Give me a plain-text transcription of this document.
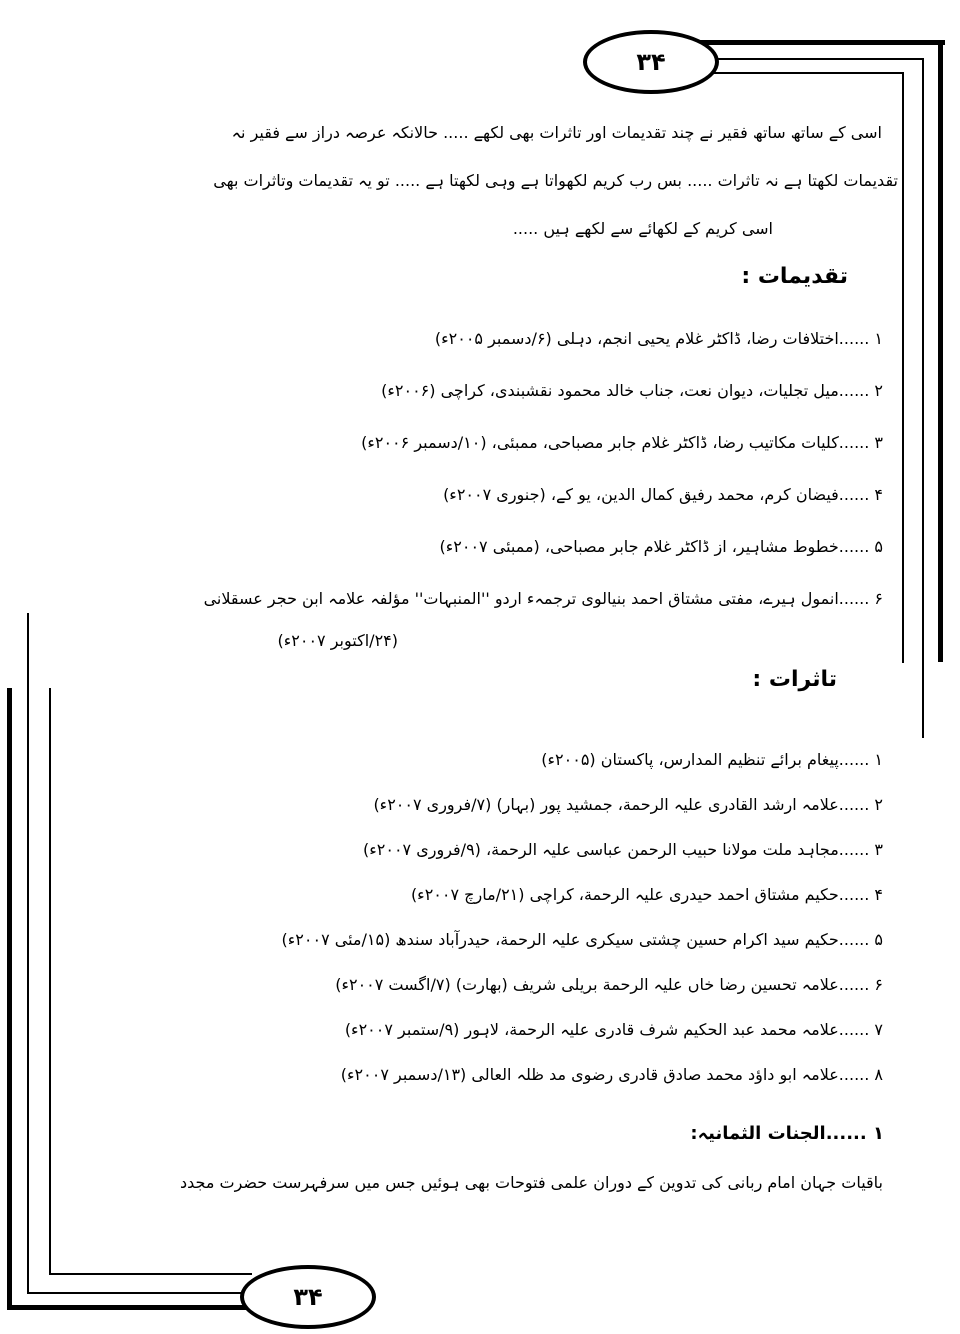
۳۴
۳۴
اسی کے ساتھ ساتھ فقیر نے چند تقدیمات اور تاثرات بھی لکھے ..... حالانکہ عرصہ دراز سے فقیر نہ
تقدیمات لکھتا ہے نہ تاثرات ..... بس رب کریم لکھواتا ہے وہی لکھتا ہے ..... تو یہ تقدیمات وتاثرات بھی
اسی کریم کے لکھائے سے لکھے ہیں .....
تقدیمات :
۱ ......اختلافات رضا، ڈاکٹر غلام یحیی انجم، دہلی (۶/دسمبر ۲۰۰۵ء)
۲ ......میل تجلیات، دیوان نعت، جناب خالد محمود نقشبندی، کراچی (۲۰۰۶ء)
۳ ......کلیات مکاتیب رضا، ڈاکٹر غلام جابر مصباحی، ممبئی، (۱۰/دسمبر ۲۰۰۶ء)
۴ ......فیضان کرم، محمد رفیق کمال الدین، یو کے، (جنوری ۲۰۰۷ء)
۵ ......خطوط مشاہیر، از ڈاکٹر غلام جابر مصباحی، (ممبئی ۲۰۰۷ء)
۶ ......انمول ہیرے، مفتی مشتاق احمد بنیالوی ترجمہء اردو ''المنبہات'' مؤلفہ علامہ ابن حجر عسقلانی
(۲۴/اکتوبر ۲۰۰۷ء)
تاثرات :
۱ ......پیغام برائے تنظیم المدارس، پاکستان (۲۰۰۵ء)
۲ ......علامہ ارشد القادری علیہ الرحمة، جمشید پور (بہار) (۷/فروری ۲۰۰۷ء)
۳ ......مجاہد ملت مولانا حبیب الرحمن عباسی علیہ الرحمة، (۹/فروری ۲۰۰۷ء)
۴ ......حکیم مشتاق احمد حیدری علیہ الرحمة، کراچی (۲۱/مارچ ۲۰۰۷ء)
۵ ......حکیم سید اکرام حسین چشتی سیکری علیہ الرحمة، حیدرآباد سندھ (۱۵/مئی ۲۰۰۷ء)
۶ ......علامہ تحسین رضا خاں علیہ الرحمة بریلی شریف (بھارت) (۷/اگست ۲۰۰۷ء)
۷ ......علامہ محمد عبد الحکیم شرف قادری علیہ الرحمة، لاہور (۹/ستمبر ۲۰۰۷ء)
۸ ......علامہ ابو داؤد محمد صادق قادری رضوی مد ظلہ العالی (۱۳/دسمبر ۲۰۰۷ء)
۱ ......الجنات الثمانیہ:
باقیات جہان امام ربانی کی تدوین کے دوران علمی فتوحات بھی ہوئیں جس میں سرفہرست حضرت مجدد
